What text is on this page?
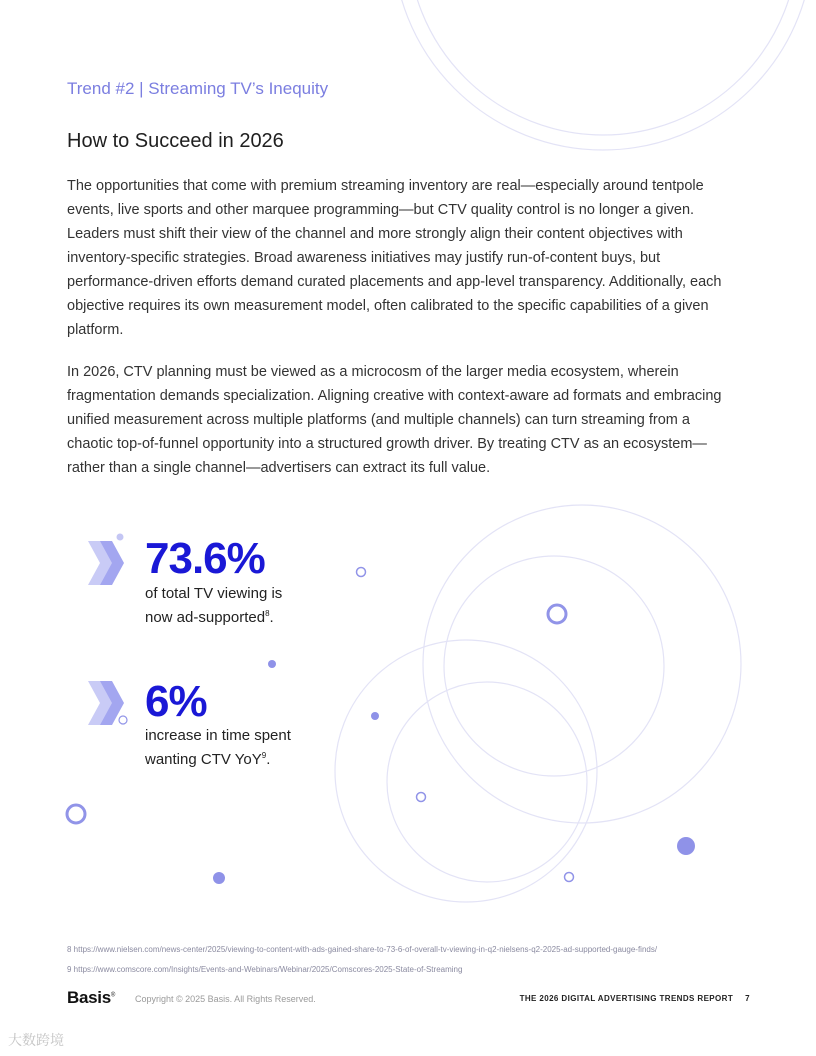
Trend #2 | Streaming TV’s Inequity
How to Succeed in 2026

The opportunities that come with premium streaming inventory are real—especially around tentpole events, live sports and other marquee programming—but CTV quality control is no longer a given. Leaders must shift their view of the channel and more strongly align their content objectives with inventory-specific strategies. Broad awareness initiatives may justify run-of-content buys, but performance-driven efforts demand curated placements and app-level transparency. Additionally, each objective requires its own measurement model, often calibrated to the specific capabilities of a given platform.

In 2026, CTV planning must be viewed as a microcosm of the larger media ecosystem, wherein fragmentation demands specialization. Aligning creative with context-aware ad formats and embracing unified measurement across multiple platforms (and multiple channels) can turn streaming from a chaotic top-of-funnel opportunity into a structured growth driver. By treating CTV as an ecosystem—rather than a single channel—advertisers can extract its full value.

73.6%
of total TV viewing is
now ad-supported$^8$.
6%
increase in time spent
wanting CTV YoY$^9$.
8 https://www.nielsen.com/news-center/2025/viewing-to-content-with-ads-gained-share-to-73-6-of-overall-tv-viewing-in-q2-nielsens-q2-2025-ad-supported-gauge-finds/
9 https://www.comscore.com/Insights/Events-and-Webinars/Webinar/2025/Comscores-2025-State-of-Streaming
Basis® Copyright © 2025 Basis. All Rights Reserved.	THE 2026 DIGITAL ADVERTISING TRENDS REPORT 7
大数跨境
